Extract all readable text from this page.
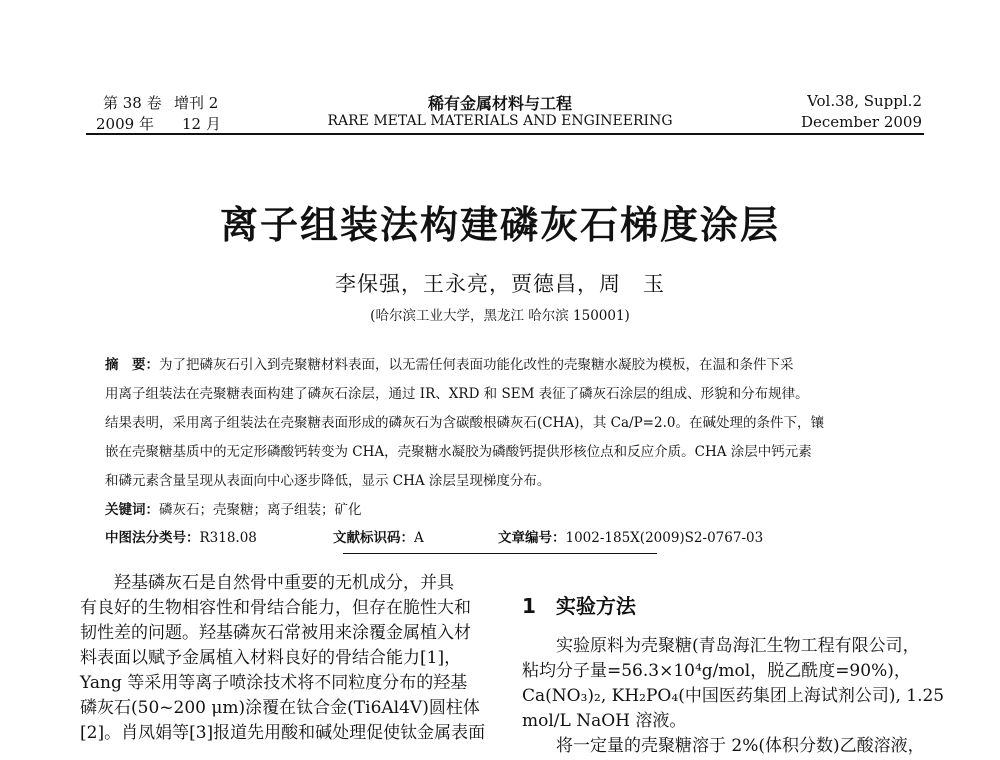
第 38 卷 增刊 2
2009 年 12 月
稀有金属材料与工程
RARE METAL MATERIALS AND ENGINEERING
Vol.38, Suppl.2
December 2009
离子组装法构建磷灰石梯度涂层
李保强，王永亮，贾德昌，周　玉
(哈尔滨工业大学，黑龙江 哈尔滨 150001)
摘　要：为了把磷灰石引入到壳聚糖材料表面，以无需任何表面功能化改性的壳聚糖水凝胶为模板，在温和条件下采
用离子组装法在壳聚糖表面构建了磷灰石涂层，通过 IR、XRD 和 SEM 表征了磷灰石涂层的组成、形貌和分布规律。
结果表明，采用离子组装法在壳聚糖表面形成的磷灰石为含碳酸根磷灰石(CHA)，其 Ca/P=2.0。在碱处理的条件下，镶
嵌在壳聚糖基质中的无定形磷酸钙转变为 CHA，壳聚糖水凝胶为磷酸钙提供形核位点和反应介质。CHA 涂层中钙元素
和磷元素含量呈现从表面向中心逐步降低，显示 CHA 涂层呈现梯度分布。
关键词：磷灰石；壳聚糖；离子组装；矿化
中图法分类号：R318.08	文献标识码：A	文章编号：1002-185X(2009)S2-0767-03
羟基磷灰石是自然骨中重要的无机成分，并具
有良好的生物相容性和骨结合能力，但存在脆性大和
韧性差的问题。羟基磷灰石常被用来涂覆金属植入材
料表面以赋予金属植入材料良好的骨结合能力[1]，
Yang 等采用等离子喷涂技术将不同粒度分布的羟基
磷灰石(50~200 μm)涂覆在钛合金(Ti6Al4V)圆柱体
[2]。肖凤娟等[3]报道先用酸和碱处理促使钛金属表面
1　实验方法
实验原料为壳聚糖(青岛海汇生物工程有限公司，
粘均分子量=56.3×10⁴g/mol，脱乙酰度=90%)，
Ca(NO₃)₂, KH₂PO₄(中国医药集团上海试剂公司), 1.25
mol/L NaOH 溶液。
将一定量的壳聚糖溶于 2%(体积分数)乙酸溶液，
